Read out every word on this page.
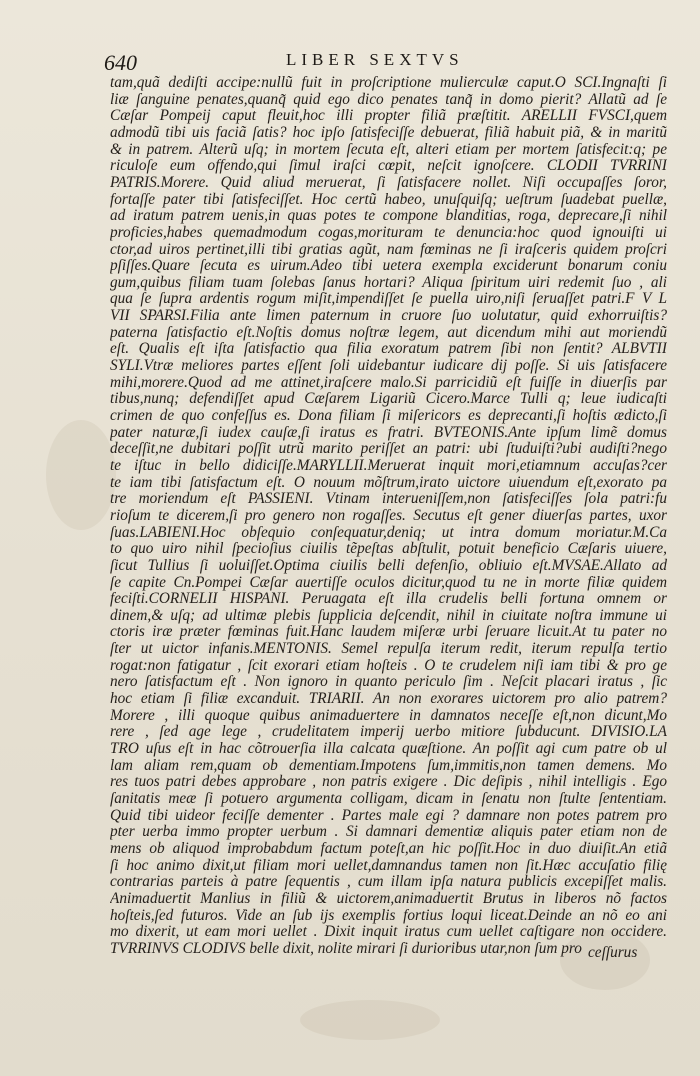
640	LIBER SEXTVS
tam,quã dediſti accipe:nullũ fuit in proſcriptione mulierculæ caput.O SCI.Ingnaſti ſi
liæ ſanguine penates,quanq̃ quid ego dico penates tanq̃ in domo pierit? Allatũ ad ſe
Cæſar Pompeij caput fleuit,hoc illi propter filiã præſtitit. ARELLII FVSCI,quem
admodũ tibi uis faciã ſatis? hoc ipſo ſatisfeciſſe debuerat, filiã habuit piã, & in maritũ
& in patrem. Alterũ uſq; in mortem ſecuta eſt, alteri etiam per mortem ſatisfecit:q; pe
riculoſe eum offendo,qui ſimul iraſci cœpit, neſcit ignoſcere. CLODII TVRRINI
PATRIS.Morere. Quid aliud meruerat, ſi ſatisfacere nollet. Niſi occupaſſes ſoror,
fortaſſe pater tibi ſatisfeciſſet. Hoc certũ habeo, unuſquiſq; ueſtrum ſuadebat puellæ,
ad iratum patrem uenis,in quas potes te compone blanditias, roga, deprecare,ſi nihil
proficies,habes quemadmodum cogas,morituram te denuncia:hoc quod ignouiſti ui
ctor,ad uiros pertinet,illi tibi gratias agũt, nam fœminas ne ſi iraſceris quidem proſcri
pſiſſes.Quare ſecuta es uirum.Adeo tibi uetera exempla exciderunt bonarum coniu
gum,quibus filiam tuam ſolebas ſanus hortari? Aliqua ſpiritum uiri redemit ſuo , ali
qua ſe ſupra ardentis rogum miſit,impendiſſet ſe puella uiro,niſi ſeruaſſet patri.F V L
VII SPARSI.Filia ante limen paternum in cruore ſuo uolutatur, quid exhorruiſtis?
paterna ſatisfactio eſt.Noſtis domus noſtræ legem, aut dicendum mihi aut moriendũ
eſt. Qualis eſt iſta ſatisfactio qua filia exoratum patrem ſibi non ſentit? ALBVTII
SYLI.Vtræ meliores partes eſſent ſoli uidebantur iudicare dij poſſe. Si uis ſatisfacere
mihi,morere.Quod ad me attinet,iraſcere malo.Si parricidiũ eſt fuiſſe in diuerſis par
tibus,nunq; defendiſſet apud Cæſarem Ligariũ Cicero.Marce Tulli q; leue iudicaſti
crimen de quo confeſſus es. Dona filiam ſi miſericors es deprecanti,ſi hoſtis ædicto,ſi
pater naturæ,ſi iudex cauſæ,ſi iratus es fratri. BVTEONIS.Ante ipſum limẽ domus
deceſſit,ne dubitari poſſit utrũ marito periſſet an patri: ubi ſtuduiſti?ubi audiſti?nego
te iſtuc in bello didiciſſe.MARYLLII.Meruerat inquit mori,etiamnum accuſas?cer
te iam tibi ſatisfactum eſt. O nouum mõſtrum,irato uictore uiuendum eſt,exorato pa
tre moriendum eſt PASSIENI. Vtinam interueniſſem,non ſatisfeciſſes ſola patri:fu
rioſum te dicerem,ſi pro genero non rogaſſes. Secutus eſt gener diuerſas partes, uxor
ſuas.LABIENI.Hoc obſequio conſequatur,deniq; ut intra domum moriatur.M.Ca
to quo uiro nihil ſpecioſius ciuilis tẽpeſtas abſtulit, potuit beneficio Cæſaris uiuere,
ſicut Tullius ſi uoluiſſet.Optima ciuilis belli defenſio, obliuio eſt.MVSAE.Allato ad
ſe capite Cn.Pompei Cæſar auertiſſe oculos dicitur,quod tu ne in morte filiæ quidem
feciſti.CORNELII HISPANI. Peruagata eſt illa crudelis belli fortuna omnem or
dinem,& uſq; ad ultimæ plebis ſupplicia deſcendit, nihil in ciuitate noſtra immune ui
ctoris iræ præter fœminas fuit.Hanc laudem miſeræ urbi ſeruare licuit.At tu pater no
ſter ut uictor infanis.MENTONIS. Semel repulſa iterum redit, iterum repulſa tertio
rogat:non fatigatur , ſcit exorari etiam hoſteis . O te crudelem niſi iam tibi & pro ge
nero ſatisfactum eſt . Non ignoro in quanto periculo ſim . Neſcit placari iratus , ſic
hoc etiam ſi filiæ excanduit. TRIARII. An non exorares uictorem pro alio patrem?
Morere , illi quoque quibus animaduertere in damnatos neceſſe eſt,non dicunt,Mo
rere , ſed age lege , crudelitatem imperij uerbo mitiore ſubducunt. DIVISIO.LA
TRO uſus eſt in hac cõtrouerſia illa calcata quæſtione. An poſſit agi cum patre ob ul
lam aliam rem,quam ob dementiam.Impotens ſum,immitis,non tamen demens. Mo
res tuos patri debes approbare , non patris exigere . Dic deſipis , nihil intelligis . Ego
ſanitatis meæ ſi potuero argumenta colligam, dicam in ſenatu non ſtulte ſententiam.
Quid tibi uideor feciſſe dementer . Partes male egi ? damnare non potes patrem pro
pter uerba immo propter uerbum . Si damnari dementiæ aliquis pater etiam non de
mens ob aliquod improbabdum factum poteſt,an hic poſſit.Hoc in duo diuiſit.An etiã
ſi hoc animo dixit,ut filiam mori uellet,damnandus tamen non ſit.Hæc accuſatio filię
contrarias parteis à patre ſequentis , cum illam ipſa natura publicis excepiſſet malis.
Animaduertit Manlius in filiũ & uictorem,animaduertit Brutus in liberos nõ factos
hoſteis,ſed futuros. Vide an ſub ijs exemplis fortius loqui liceat.Deinde an nõ eo ani
mo dixerit, ut eam mori uellet . Dixit inquit iratus cum uellet caſtigare non occidere.
TVRRINVS CLODIVS belle dixit, nolite mirari ſi durioribus utar,non ſum pro ceſſurus
